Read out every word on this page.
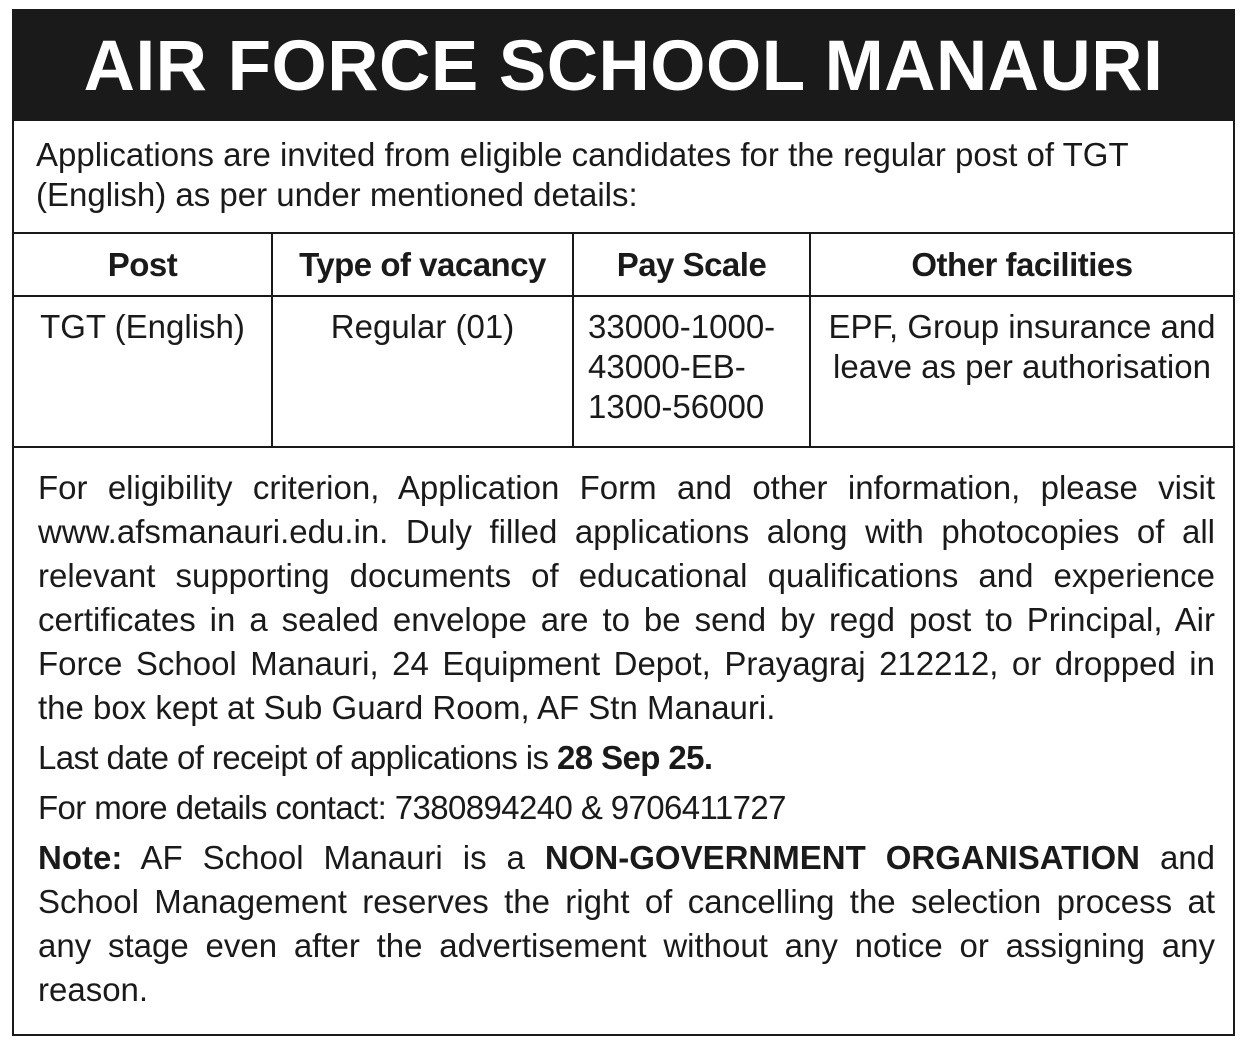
AIR FORCE SCHOOL MANAURI
Applications are invited from eligible candidates for the regular post of TGT (English) as per under mentioned details:
Post	Type of vacancy	Pay Scale	Other facilities
TGT (English)	Regular (01)	33000-1000-43000-EB-1300-56000	EPF, Group insurance and leave as per authorisation

For eligibility criterion, Application Form and other information, please visit www.afsmanauri.edu.in. Duly filled applications along with photocopies of all relevant supporting documents of educational qualifications and experience certificates in a sealed envelope are to be send by regd post to Principal, Air Force School Manauri, 24 Equipment Depot, Prayagraj 212212, or dropped in the box kept at Sub Guard Room, AF Stn Manauri.

Last date of receipt of applications is 28 Sep 25.

For more details contact: 7380894240 & 9706411727

Note: AF School Manauri is a NON-GOVERNMENT ORGANISATION and School Management reserves the right of cancelling the selection process at any stage even after the advertisement without any notice or assigning any reason.
